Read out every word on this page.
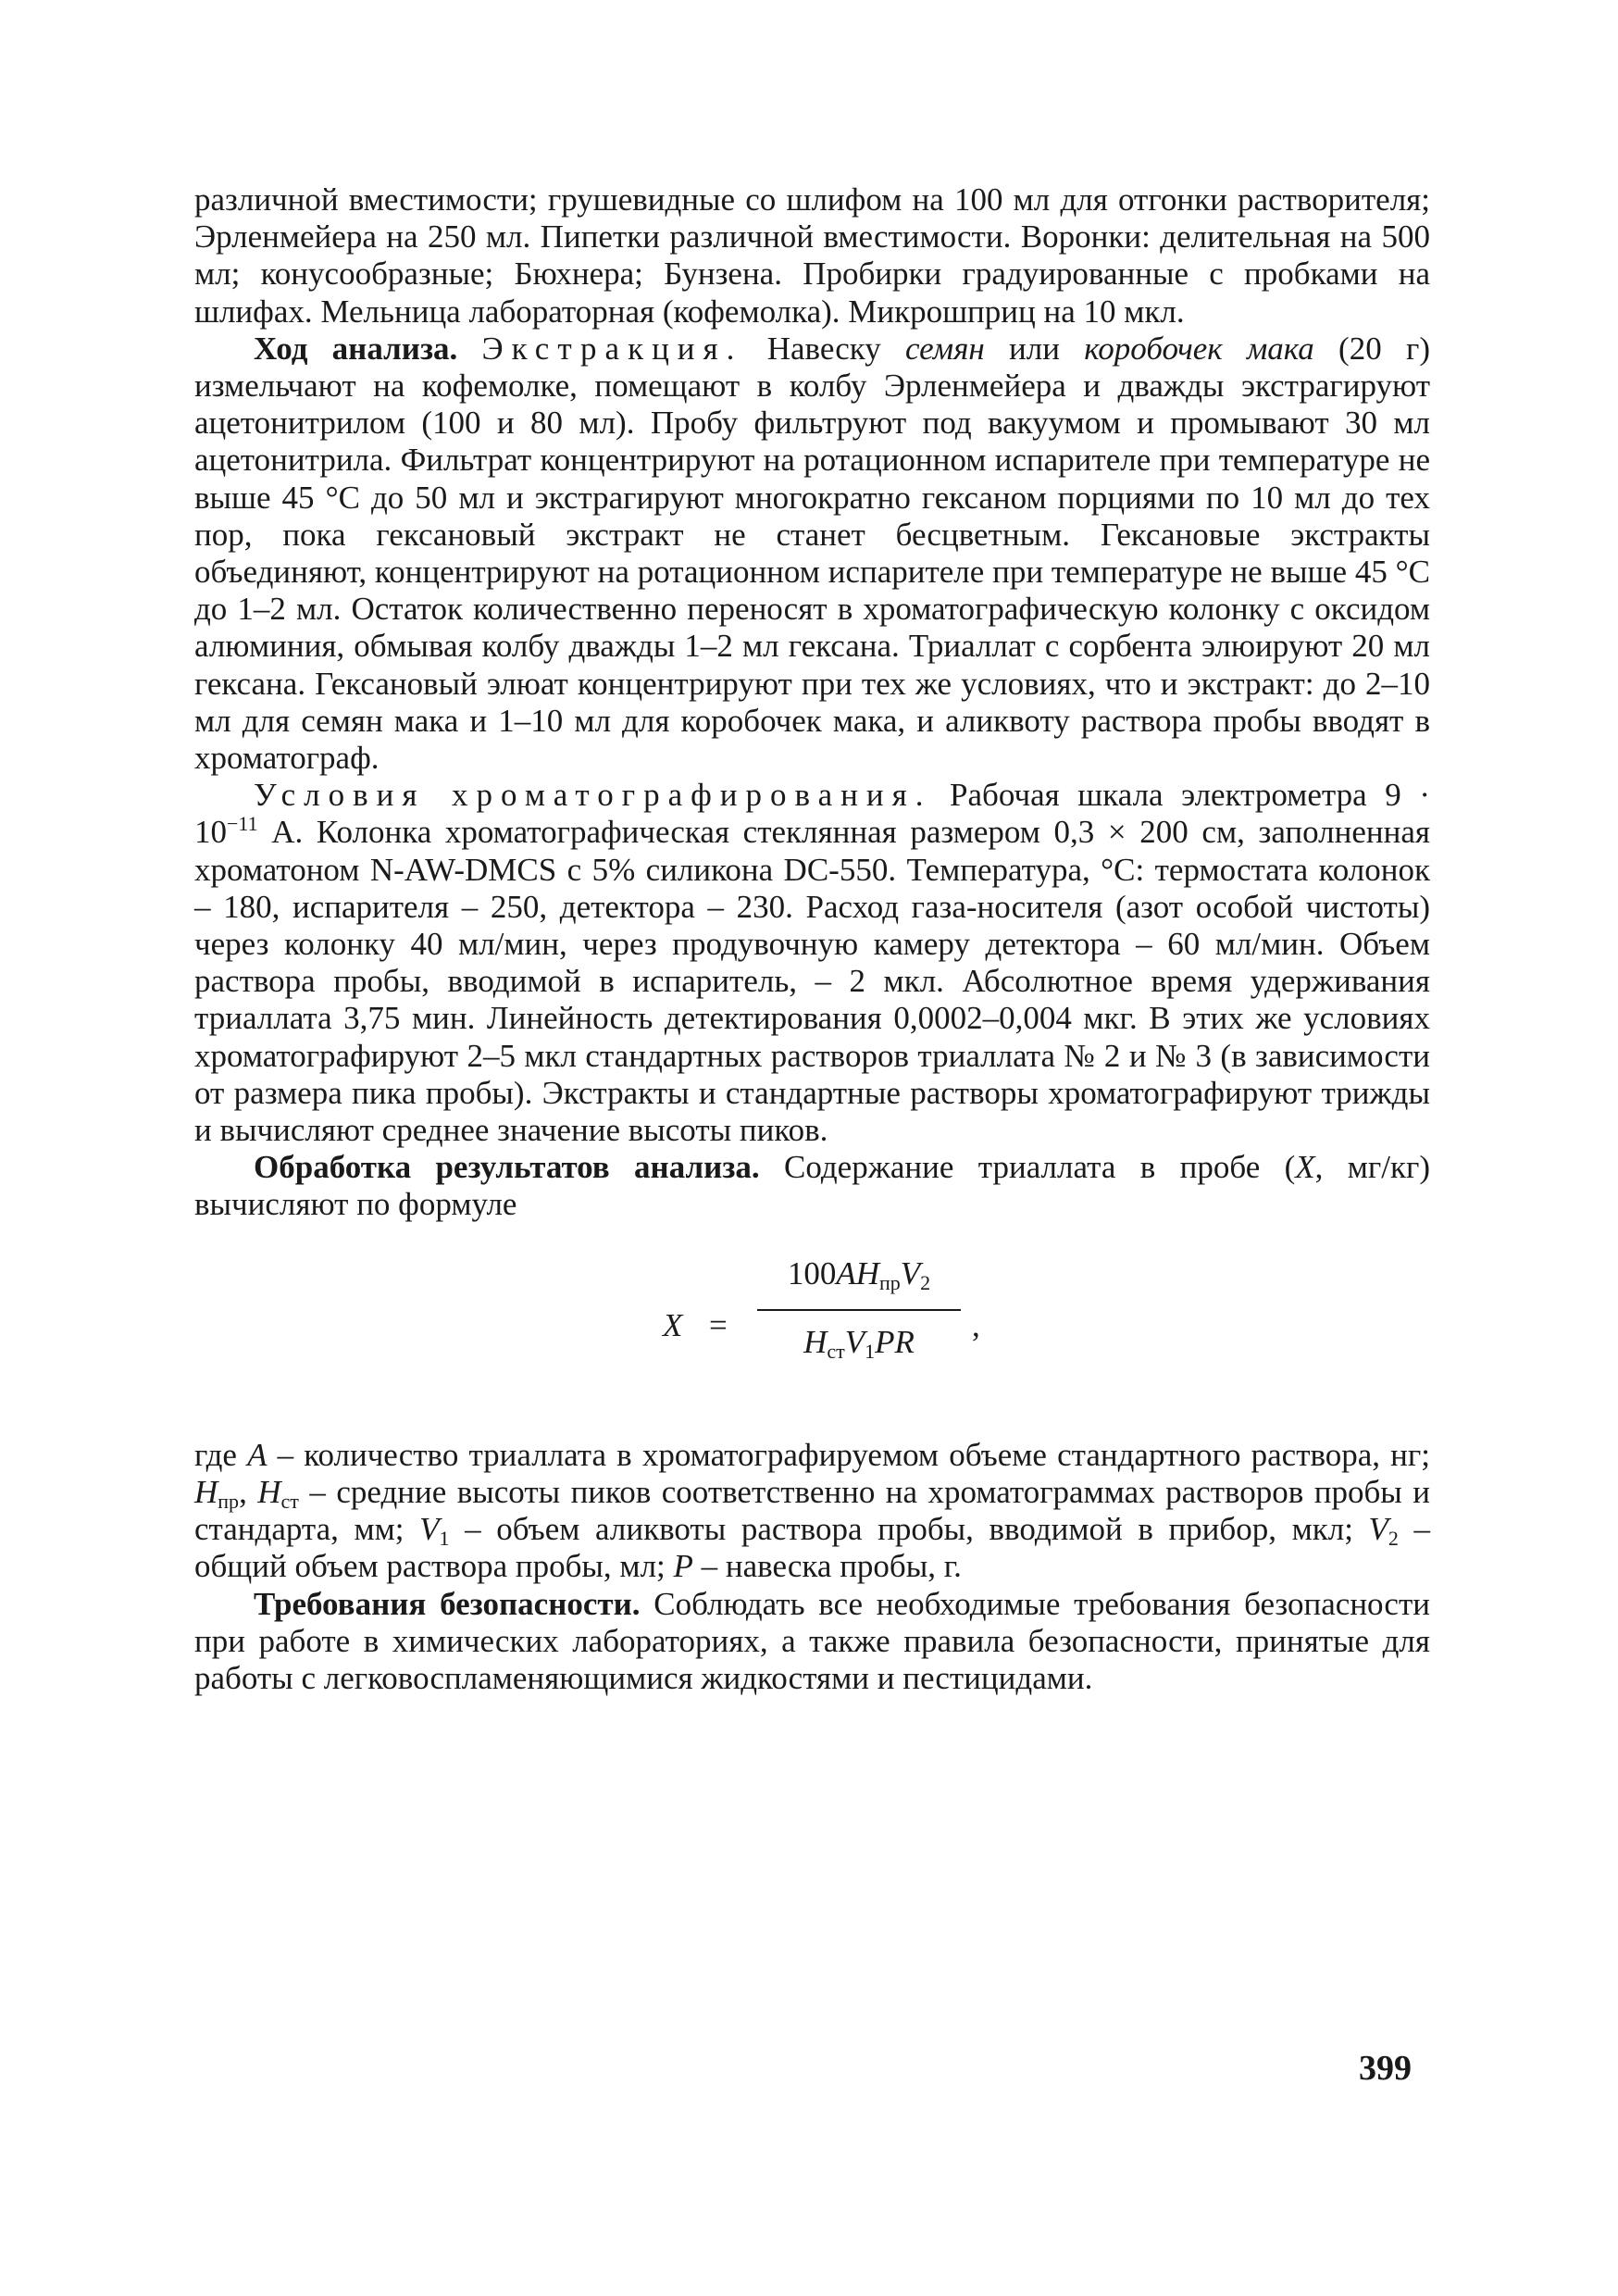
различной вместимости; грушевидные со шлифом на 100 мл для отгонки растворителя; Эрленмейера на 250 мл. Пипетки различной вместимости. Воронки: делительная на 500 мл; конусообразные; Бюхнера; Бунзена. Пробирки градуированные с пробками на шлифах. Мельница лабораторная (кофемолка). Микрошприц на 10 мкл.

Ход анализа. Экстракция. Навеску семян или коробочек мака (20 г) измельчают на кофемолке, помещают в колбу Эрленмейера и дважды экстрагируют ацетонитрилом (100 и 80 мл). Пробу фильтруют под вакуумом и промывают 30 мл ацетонитрила. Фильтрат концентрируют на ротационном испарителе при температуре не выше 45 °C до 50 мл и экстрагируют многократно гексаном порциями по 10 мл до тех пор, пока гексановый экстракт не станет бесцветным. Гексановые экстракты объединяют, концентрируют на ротационном испарителе при температуре не выше 45 °C до 1–2 мл. Остаток количественно переносят в хроматографическую колонку с оксидом алюминия, обмывая колбу дважды 1–2 мл гексана. Триаллат с сорбента элюируют 20 мл гексана. Гексановый элюат концентрируют при тех же условиях, что и экстракт: до 2–10 мл для семян мака и 1–10 мл для коробочек мака, и аликвоту раствора пробы вводят в хроматограф.

Условия хроматографирования. Рабочая шкала электрометра $9 \cdot 10^{-11}$ А. Колонка хроматографическая стеклянная размером 0,3 × 200 см, заполненная хроматоном N-AW-DMCS с 5% силикона DC-550. Температура, °C: термостата колонок – 180, испарителя – 250, детектора – 230. Расход газа-носителя (азот особой чистоты) через колонку 40 мл/мин, через продувочную камеру детектора – 60 мл/мин. Объем раствора пробы, вводимой в испаритель, – 2 мкл. Абсолютное время удерживания триаллата 3,75 мин. Линейность детектирования 0,0002–0,004 мкг. В этих же условиях хроматографируют 2–5 мкл стандартных растворов триаллата № 2 и № 3 (в зависимости от размера пика пробы). Экстракты и стандартные растворы хроматографируют трижды и вычисляют среднее значение высоты пиков.

Обработка результатов анализа. Содержание триаллата в пробе (X, мг/кг) вычисляют по формуле

X =
$100AH_{пр}V_2$
$H_{ст}V_1PR$	,

где A – количество триаллата в хроматографируемом объеме стандартного раствора, нг; $H_{пр}$, $H_{ст}$ – средние высоты пиков соответственно на хроматограммах растворов пробы и стандарта, мм; $V_1$ – объем аликвоты раствора пробы, вводимой в прибор, мкл; $V_2$ – общий объем раствора пробы, мл; P – навеска пробы, г.

Требования безопасности. Соблюдать все необходимые требования безопасности при работе в химических лабораториях, а также правила безопасности, принятые для работы с легковоспламеняющимися жидкостями и пестицидами.

399
